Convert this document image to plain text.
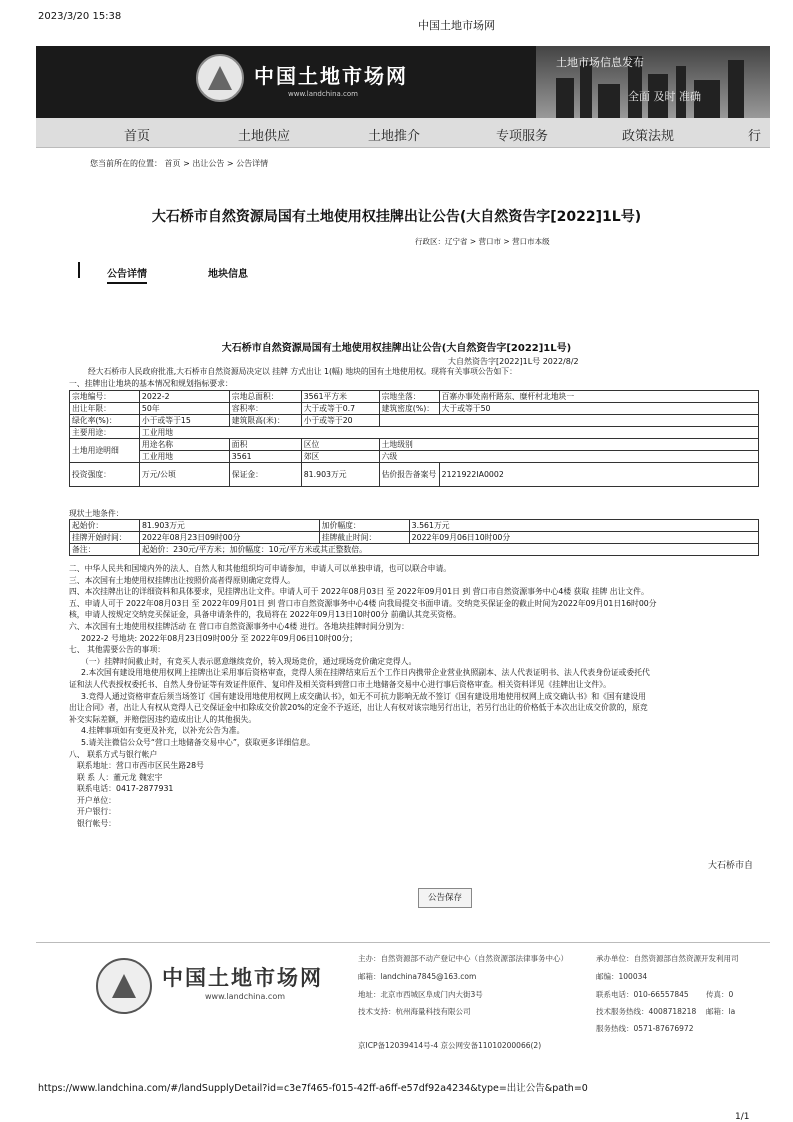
2023/3/20 15:38
中国土地市场网
中国土地市场网
www.landchina.com
土地市场信息发布
全面 及时 准确
首页	土地供应	土地推介	专项服务	政策法规	行
您当前所在的位置： 首页 > 出让公告 > 公告详情
大石桥市自然资源局国有土地使用权挂牌出让公告(大自然资告字[2022]1L号)
行政区：辽宁省 > 营口市 > 营口市本级
公告详情	地块信息
大石桥市自然资源局国有土地使用权挂牌出让公告(大自然资告字[2022]1L号)
大自然资告字[2022]1L号 2022/8/2
经大石桥市人民政府批准,大石桥市自然资源局决定以 挂牌 方式出让 1(幅) 地块的国有土地使用权。现将有关事项公告如下：
一、挂牌出让地块的基本情况和规划指标要求：
宗地编号：	2022-2	宗地总面积：	3561平方米	宗地坐落：	百寨办事处南杆路东、糜杆村北地块一
出让年限：	50年	容积率：	大于或等于0.7	建筑密度(%)：	大于或等于50
绿化率(%)：	小于或等于15	建筑限高(米)：	小于或等于20		
主要用途：	工业用地				
土地用途明细	用途名称	面积	区位	土地级别	
	工业用地	3561	郊区	六级	
投资强度：	万元/公顷	保证金：	81.903万元	估价报告备案号	2121922IA0002
现状土地条件：
起始价：	81.903万元	加价幅度：	3.561万元
挂牌开始时间：	2022年08月23日09时00分	挂牌截止时间：	2022年09月06日10时00分
备注：	起始价：230元/平方米；加价幅度：10元/平方米或其正整数倍。		
二、中华人民共和国境内外的法人、自然人和其他组织均可申请参加，申请人可以单独申请，也可以联合申请。
三、本次国有土地使用权挂牌出让按照价高者得原则确定竞得人。
四、本次挂牌出让的详细资料和具体要求，见挂牌出让文件。申请人可于 2022年08月03日 至 2022年09月01日 到 营口市自然资源事务中心4楼 获取 挂牌 出让文件。
五、申请人可于 2022年08月03日 至 2022年09月01日 到 营口市自然资源事务中心4楼 向我局提交书面申请。交纳竞买保证金的截止时间为2022年09月01日16时00分
核，申请人按规定交纳竞买保证金，具备申请条件的，我局将在 2022年09月13日10时00分 前确认其竞买资格。
六、本次国有土地使用权挂牌活动 在 营口市自然资源事务中心4楼 进行。各地块挂牌时间分别为：
2022-2 号地块: 2022年08月23日09时00分 至 2022年09月06日10时00分；
七、 其他需要公告的事项：
（一）挂牌时间截止时，有竞买人表示愿意继续竞价，转入现场竞价，通过现场竞价确定竞得人。
2.本次国有建设用地使用权网上挂牌出让采用事后资格审查，竞得人须在挂牌结束后五个工作日内携带企业营业执照副本、法人代表证明书、法人代表身份证或委托代
证和法人代表授权委托书、自然人身份证等有效证件原件、复印件及相关资料到营口市土地储备交易中心进行事后资格审查。相关资料详见《挂牌出让文件》。
3.竞得人通过资格审查后须当场签订《国有建设用地使用权网上成交确认书》，如无不可抗力影响无故不签订《国有建设用地使用权网上成交确认书》和《国有建设用
出让合同》者，出让人有权从竞得人已交保证金中扣除成交价款20%的定金不予返还，出让人有权对该宗地另行出让，若另行出让的价格低于本次出让成交价款的，原竞
补交实际差额，并赔偿因违约造成出让人的其他损失。
4.挂牌事项如有变更及补充，以补充公告为准。
5.请关注微信公众号“营口土地储备交易中心”，获取更多详细信息。
八、 联系方式与银行帐户
联系地址：营口市西市区民生路28号
联 系 人：董元龙 魏宏宇
联系电话：0417-2877931
开户单位：
开户银行：
银行帐号：
大石桥市自
公告保存
中国土地市场网
www.landchina.com
主办：自然资源部不动产登记中心（自然资源部法律事务中心）
邮箱：landchina7845@163.com
地址：北京市西城区阜成门内大街3号
技术支持：杭州海量科技有限公司
京ICP备12039414号-4 京公网安备11010200066(2)
承办单位：自然资源部自然资源开发利用司
邮编：100034
联系电话：010-66557845
技术服务热线：4008718218
服务热线：0571-87676972
传真：0
邮箱：la
https://www.landchina.com/#/landSupplyDetail?id=c3e7f465-f015-42ff-a6ff-e57df92a4234&type=出让公告&path=0
1/1
